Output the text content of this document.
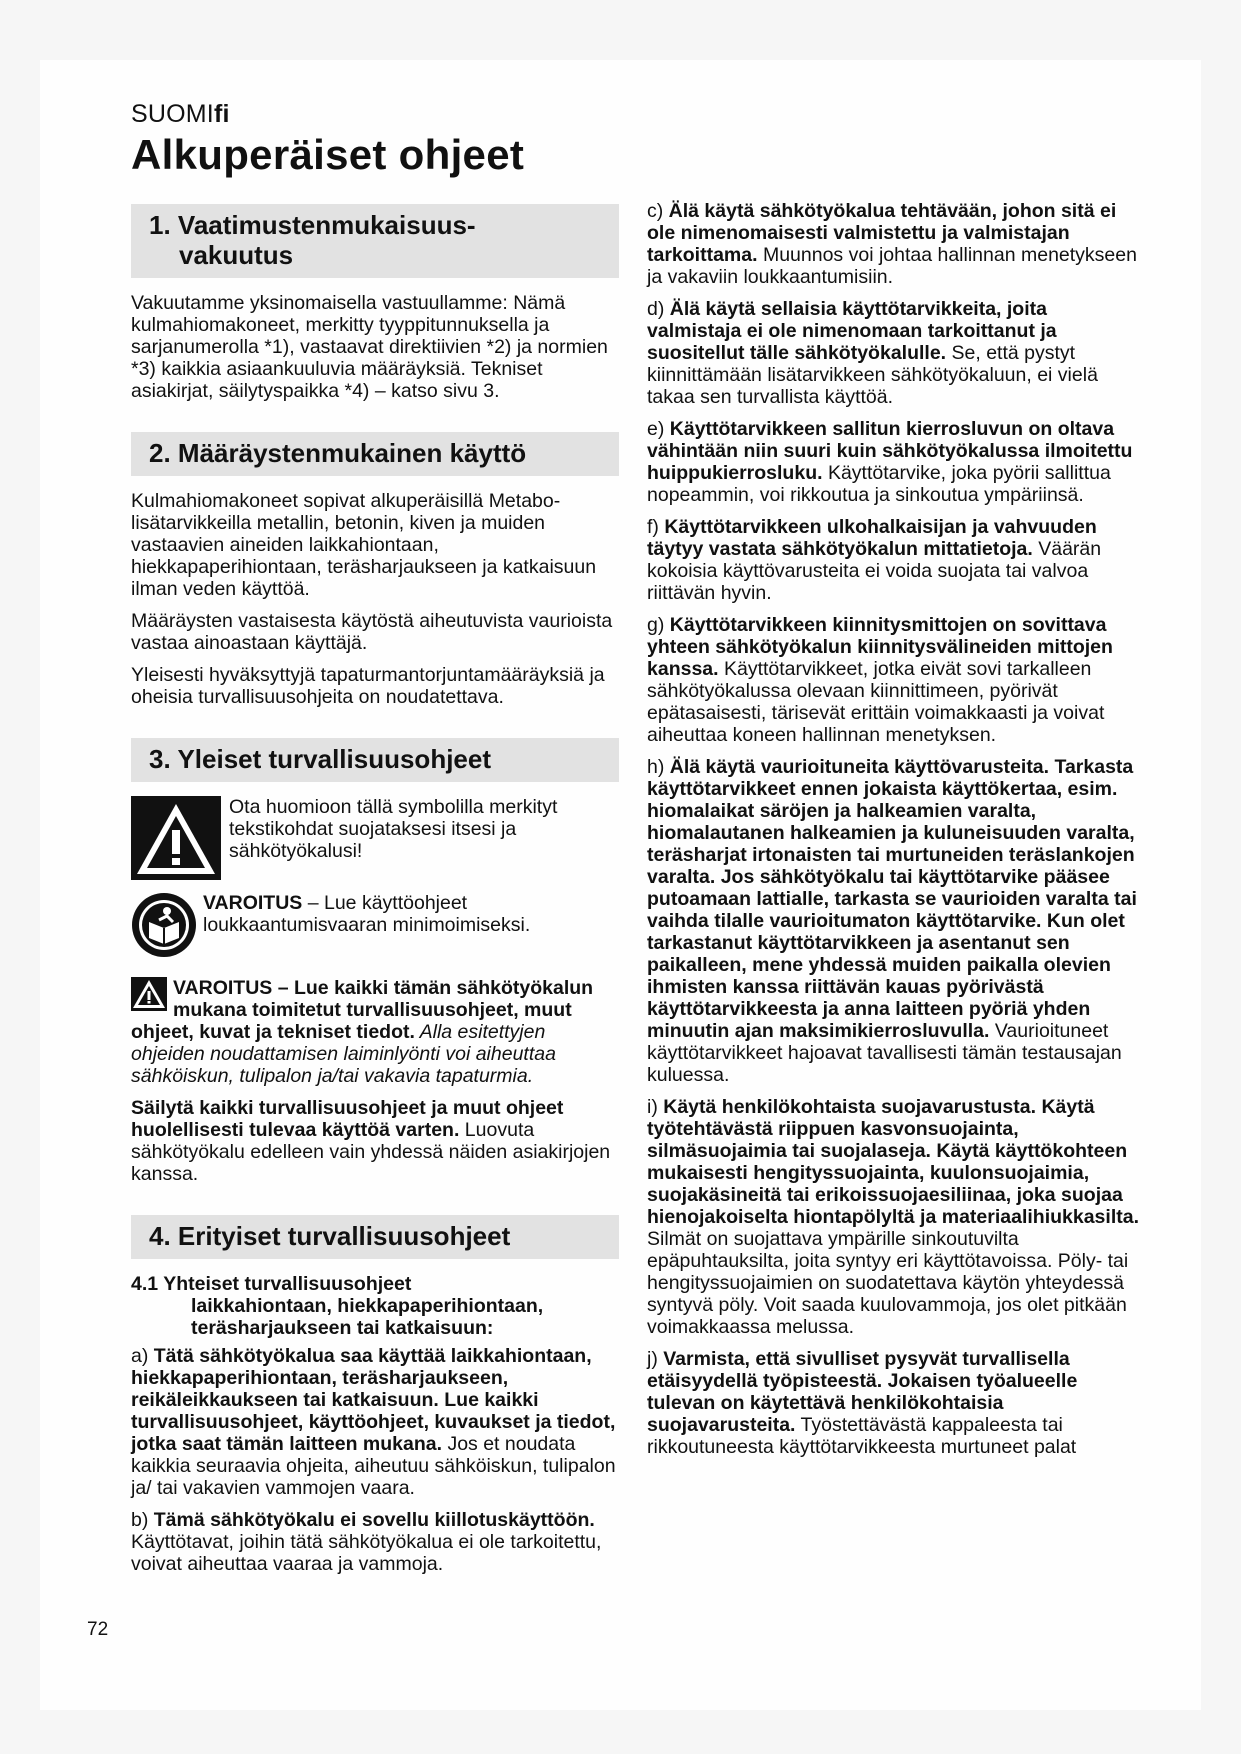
SUOMIfi
Alkuperäiset ohjeet
1. Vaatimustenmukaisuus-
vakuutus

Vakuutamme yksinomaisella vastuullamme: Nämä kulmahiomakoneet, merkitty tyyppitunnuksella ja sarjanumerolla *1), vastaavat direktiivien *2) ja normien *3) kaikkia asiaankuuluvia määräyksiä. Tekniset asiakirjat, säilytyspaikka *4) – katso sivu 3.

2. Määräystenmukainen käyttö

Kulmahiomakoneet sopivat alkuperäisillä Metabo-lisätarvikkeilla metallin, betonin, kiven ja muiden vastaavien aineiden laikkahiontaan, hiekkapaperihiontaan, teräsharjaukseen ja katkaisuun ilman veden käyttöä.

Määräysten vastaisesta käytöstä aiheutuvista vaurioista vastaa ainoastaan käyttäjä.

Yleisesti hyväksyttyjä tapaturmantorjuntamääräyksiä ja oheisia turvallisuusohjeita on noudatettava.

3. Yleiset turvallisuusohjeet
Ota huomioon tällä symbolilla merkityt tekstikohdat suojataksesi itsesi ja sähkötyökalusi!
VAROITUS – Lue käyttöohjeet loukkaantumisvaaran minimoimiseksi.

VAROITUS – Lue kaikki tämän sähkötyökalun mukana toimitetut turvallisuusohjeet, muut ohjeet, kuvat ja tekniset tiedot. Alla esitettyjen ohjeiden noudattamisen laiminlyönti voi aiheuttaa sähköiskun, tulipalon ja/tai vakavia tapaturmia.

Säilytä kaikki turvallisuusohjeet ja muut ohjeet huolellisesti tulevaa käyttöä varten. Luovuta sähkötyökalu edelleen vain yhdessä näiden asiakirjojen kanssa.

4. Erityiset turvallisuusohjeet
4.1 Yhteiset turvallisuusohjeet
laikkahiontaan, hiekkapaperihiontaan,
teräsharjaukseen tai katkaisuun:

a) Tätä sähkötyökalua saa käyttää laikkahiontaan, hiekkapaperihiontaan, teräsharjaukseen, reikäleikkaukseen tai katkaisuun. Lue kaikki turvallisuusohjeet, käyttöohjeet, kuvaukset ja tiedot, jotka saat tämän laitteen mukana. Jos et noudata kaikkia seuraavia ohjeita, aiheutuu sähköiskun, tulipalon ja/ tai vakavien vammojen vaara.

b) Tämä sähkötyökalu ei sovellu kiillotuskäyttöön. Käyttötavat, joihin tätä sähkötyökalua ei ole tarkoitettu, voivat aiheuttaa vaaraa ja vammoja.

c) Älä käytä sähkötyökalua tehtävään, johon sitä ei ole nimenomaisesti valmistettu ja valmistajan tarkoittama. Muunnos voi johtaa hallinnan menetykseen ja vakaviin loukkaantumisiin.

d) Älä käytä sellaisia käyttötarvikkeita, joita valmistaja ei ole nimenomaan tarkoittanut ja suositellut tälle sähkötyökalulle. Se, että pystyt kiinnittämään lisätarvikkeen sähkötyökaluun, ei vielä takaa sen turvallista käyttöä.

e) Käyttötarvikkeen sallitun kierrosluvun on oltava vähintään niin suuri kuin sähkötyökalussa ilmoitettu huippukierrosluku. Käyttötarvike, joka pyörii sallittua nopeammin, voi rikkoutua ja sinkoutua ympäriinsä.

f) Käyttötarvikkeen ulkohalkaisijan ja vahvuuden täytyy vastata sähkötyökalun mittatietoja. Väärän kokoisia käyttövarusteita ei voida suojata tai valvoa riittävän hyvin.

g) Käyttötarvikkeen kiinnitysmittojen on sovittava yhteen sähkötyökalun kiinnitysvälineiden mittojen kanssa. Käyttötarvikkeet, jotka eivät sovi tarkalleen sähkötyökalussa olevaan kiinnittimeen, pyörivät epätasaisesti, tärisevät erittäin voimakkaasti ja voivat aiheuttaa koneen hallinnan menetyksen.

h) Älä käytä vaurioituneita käyttövarusteita. Tarkasta käyttötarvikkeet ennen jokaista käyttökertaa, esim. hiomalaikat säröjen ja halkeamien varalta, hiomalautanen halkeamien ja kuluneisuuden varalta, teräsharjat irtonaisten tai murtuneiden teräslankojen varalta. Jos sähkötyökalu tai käyttötarvike pääsee putoamaan lattialle, tarkasta se vaurioiden varalta tai vaihda tilalle vaurioitumaton käyttötarvike. Kun olet tarkastanut käyttötarvikkeen ja asentanut sen paikalleen, mene yhdessä muiden paikalla olevien ihmisten kanssa riittävän kauas pyörivästä käyttötarvikkeesta ja anna laitteen pyöriä yhden minuutin ajan maksimikierrosluvulla. Vaurioituneet käyttötarvikkeet hajoavat tavallisesti tämän testausajan kuluessa.

i) Käytä henkilökohtaista suojavarustusta. Käytä työtehtävästä riippuen kasvonsuojainta, silmäsuojaimia tai suojalaseja. Käytä käyttökohteen mukaisesti hengityssuojainta, kuulonsuojaimia, suojakäsineitä tai erikoissuojaesiliinaa, joka suojaa hienojakoiselta hiontapölyltä ja materiaalihiukkasilta. Silmät on suojattava ympärille sinkoutuvilta epäpuhtauksilta, joita syntyy eri käyttötavoissa. Pöly- tai hengityssuojaimien on suodatettava käytön yhteydessä syntyvä pöly. Voit saada kuulovammoja, jos olet pitkään voimakkaassa melussa.

j) Varmista, että sivulliset pysyvät turvallisella etäisyydellä työpisteestä. Jokaisen työalueelle tulevan on käytettävä henkilökohtaisia suojavarusteita. Työstettävästä kappaleesta tai rikkoutuneesta käyttötarvikkeesta murtuneet palat

72
